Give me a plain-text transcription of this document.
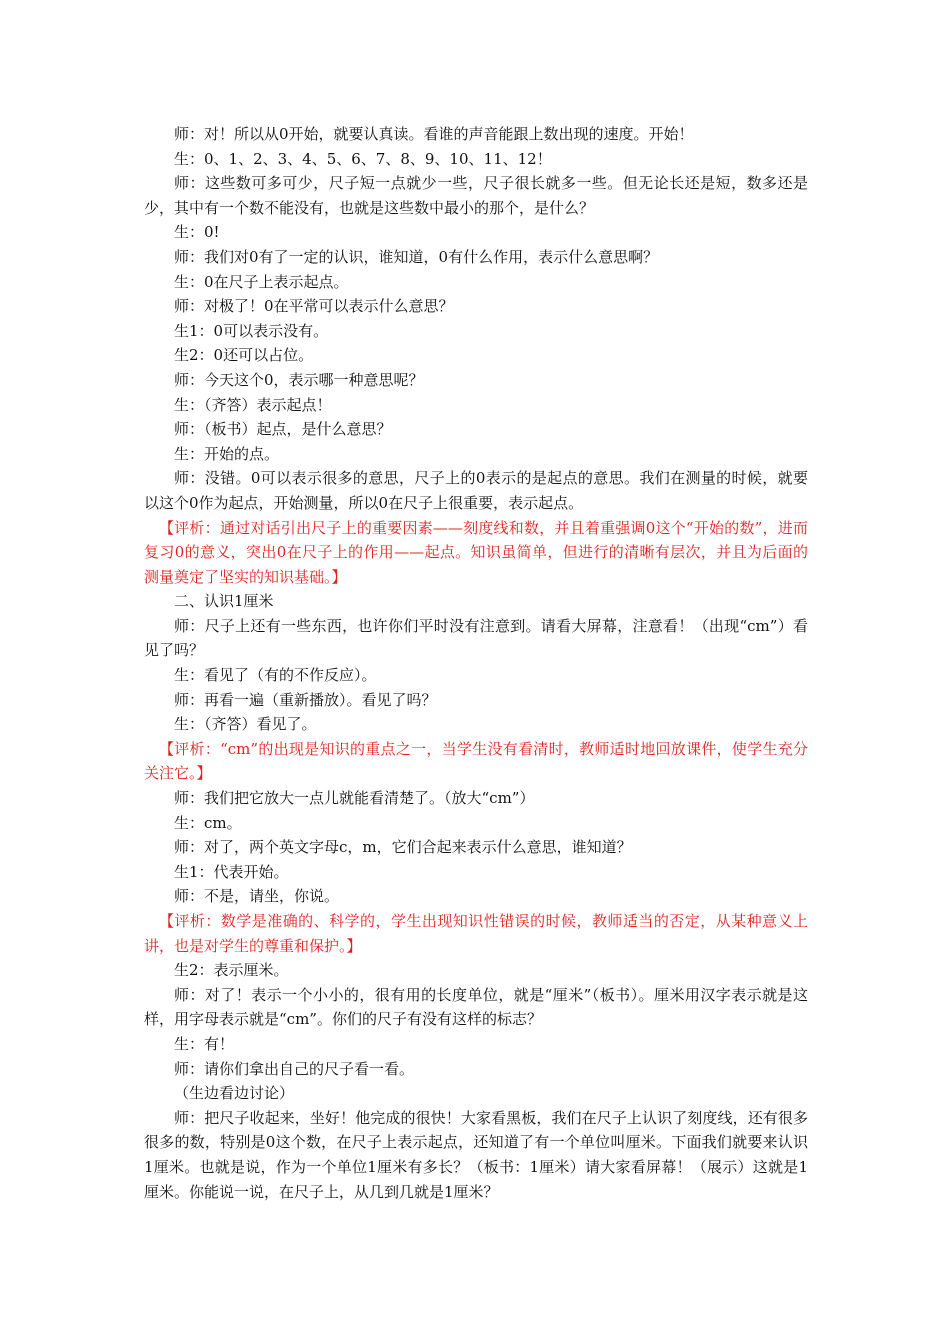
师：对！所以从0开始，就要认真读。看谁的声音能跟上数出现的速度。开始！

生：0、1、2、3、4、5、6、7、8、9、10、11、12！

师：这些数可多可少，尺子短一点就少一些，尺子很长就多一些。但无论长还是短，数多还是少，其中有一个数不能没有，也就是这些数中最小的那个，是什么？

生：0!

师：我们对0有了一定的认识，谁知道，0有什么作用，表示什么意思啊？

生：0在尺子上表示起点。

师：对极了！0在平常可以表示什么意思？

生1：0可以表示没有。

生2：0还可以占位。

师：今天这个0，表示哪一种意思呢？

生：（齐答）表示起点！

师：（板书）起点，是什么意思？

生：开始的点。

师：没错。0可以表示很多的意思，尺子上的0表示的是起点的意思。我们在测量的时候，就要以这个0作为起点，开始测量，所以0在尺子上很重要，表示起点。

【评析：通过对话引出尺子上的重要因素——刻度线和数，并且着重强调0这个“开始的数”，进而复习0的意义，突出0在尺子上的作用——起点。知识虽简单，但进行的清晰有层次，并且为后面的测量奠定了坚实的知识基础。】

二、认识1厘米

师：尺子上还有一些东西，也许你们平时没有注意到。请看大屏幕，注意看！（出现“cm”）看见了吗？

生：看见了（有的不作反应）。

师：再看一遍（重新播放）。看见了吗？

生：（齐答）看见了。

【评析：“cm”的出现是知识的重点之一，当学生没有看清时，教师适时地回放课件，使学生充分关注它。】

师：我们把它放大一点儿就能看清楚了。（放大“cm”）

生：cm。

师：对了，两个英文字母c，m，它们合起来表示什么意思，谁知道？

生1：代表开始。

师：不是，请坐，你说。

【评析：数学是准确的、科学的，学生出现知识性错误的时候，教师适当的否定，从某种意义上讲，也是对学生的尊重和保护。】

生2：表示厘米。

师：对了！表示一个小小的，很有用的长度单位，就是“厘米”（板书）。厘米用汉字表示就是这样，用字母表示就是“cm”。你们的尺子有没有这样的标志？

生：有！

师：请你们拿出自己的尺子看一看。

（生边看边讨论）

师：把尺子收起来，坐好！他完成的很快！大家看黑板，我们在尺子上认识了刻度线，还有很多很多的数，特别是0这个数，在尺子上表示起点，还知道了有一个单位叫厘米。下面我们就要来认识1厘米。也就是说，作为一个单位1厘米有多长？（板书：1厘米）请大家看屏幕！（展示）这就是1厘米。你能说一说，在尺子上，从几到几就是1厘米？
